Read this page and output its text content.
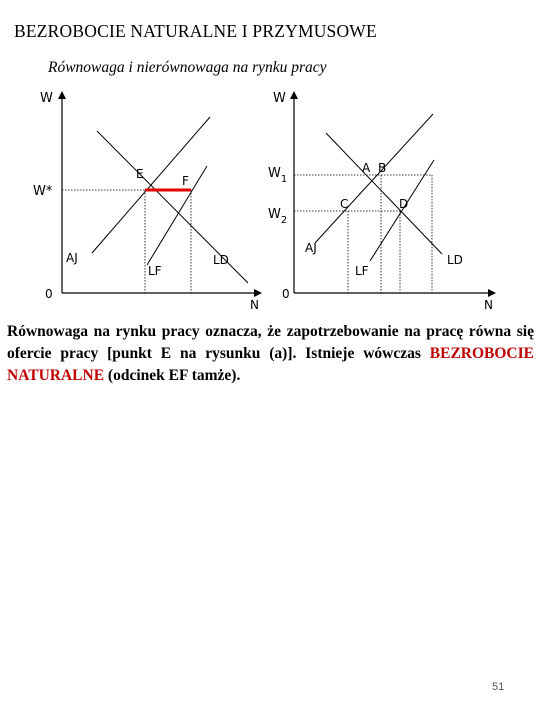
BEZROBOCIE NATURALNE I PRZYMUSOWE
Równowaga i nierównowaga na rynku pracy
W
W*
0
N
E	F
AJ
LF
LD
W
$W_1$
$W_2$
0
N
A B
C	D
AJ
LF
LD

Równowaga na rynku pracy oznacza, że zapotrzebowanie na pracę równa się ofercie pracy [punkt E na rysunku (a)]. Istnieje wówczas BEZROBOCIE NATURALNE (odcinek EF tamże).

51
